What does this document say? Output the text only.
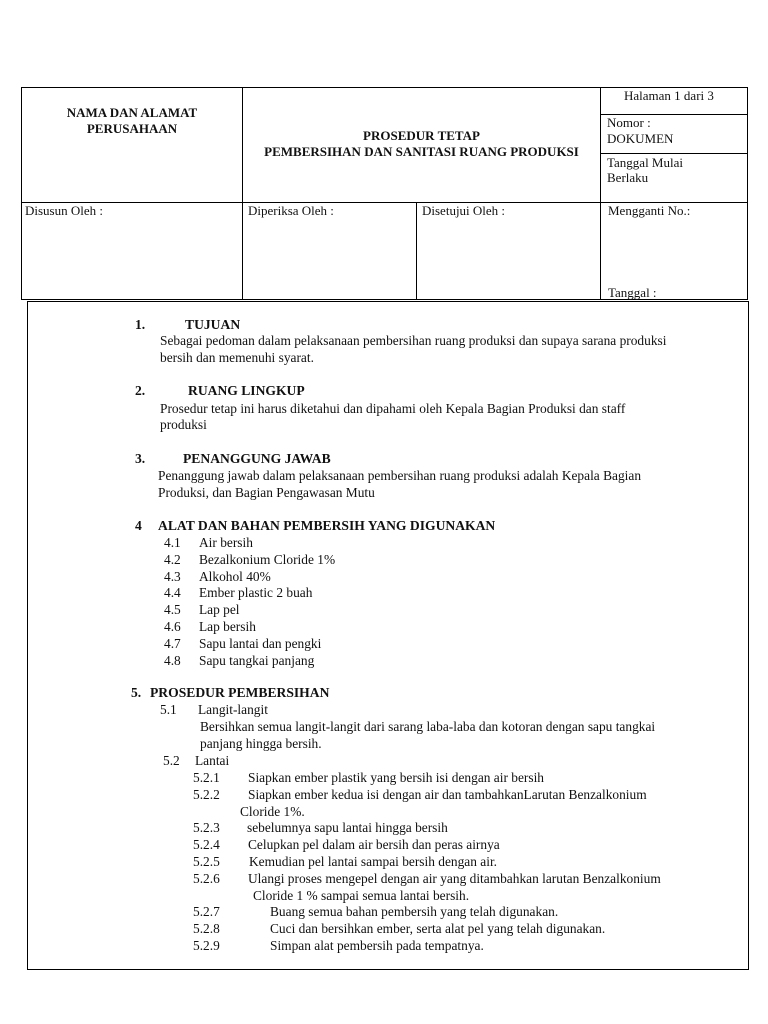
NAMA DAN ALAMAT
PERUSAHAAN	PROSEDUR TETAP
PEMBERSIHAN DAN SANITASI RUANG PRODUKSI
Halaman 1 dari 3
Nomor :
DOKUMEN
Tanggal Mulai
Berlaku
Disusun Oleh :	Diperiksa Oleh :	Disetujui Oleh :	Mengganti No.:
Tanggal :
1.	TUJUAN
Sebagai pedoman dalam pelaksanaan pembersihan ruang produksi dan supaya sarana produksi
bersih dan memenuhi syarat.
2.	RUANG LINGKUP
Prosedur tetap ini harus diketahui dan dipahami oleh Kepala Bagian Produksi dan staff
produksi
3.	PENANGGUNG JAWAB
Penanggung jawab dalam pelaksanaan pembersihan ruang produksi adalah Kepala Bagian
Produksi, dan Bagian Pengawasan Mutu
4 ALAT DAN BAHAN PEMBERSIH YANG DIGUNAKAN
5. PROSEDUR PEMBERSIHAN
5.1 Langit-langit
Bersihkan semua langit-langit dari sarang laba-laba dan kotoran dengan sapu tangkai
panjang hingga bersih.
5.2 Lantai
4.1 Air bersih
4.2 Bezalkonium Cloride 1%
4.3 Alkohol 40%
4.4 Ember plastic 2 buah
4.5 Lap pel
4.6 Lap bersih
4.7 Sapu lantai dan pengki
4.8 Sapu tangkai panjang
5.2.1 Siapkan ember plastik yang bersih isi dengan air bersih
5.2.2 Siapkan ember kedua isi dengan air dan tambahkanLarutan Benzalkonium
Cloride 1%.
5.2.3 sebelumnya sapu lantai hingga bersih
5.2.4 Celupkan pel dalam air bersih dan peras airnya
5.2.5 Kemudian pel lantai sampai bersih dengan air.
5.2.6 Ulangi proses mengepel dengan air yang ditambahkan larutan Benzalkonium
Cloride 1 % sampai semua lantai bersih.
5.2.7	Buang semua bahan pembersih yang telah digunakan.
5.2.8	Cuci dan bersihkan ember, serta alat pel yang telah digunakan.
5.2.9	Simpan alat pembersih pada tempatnya.
